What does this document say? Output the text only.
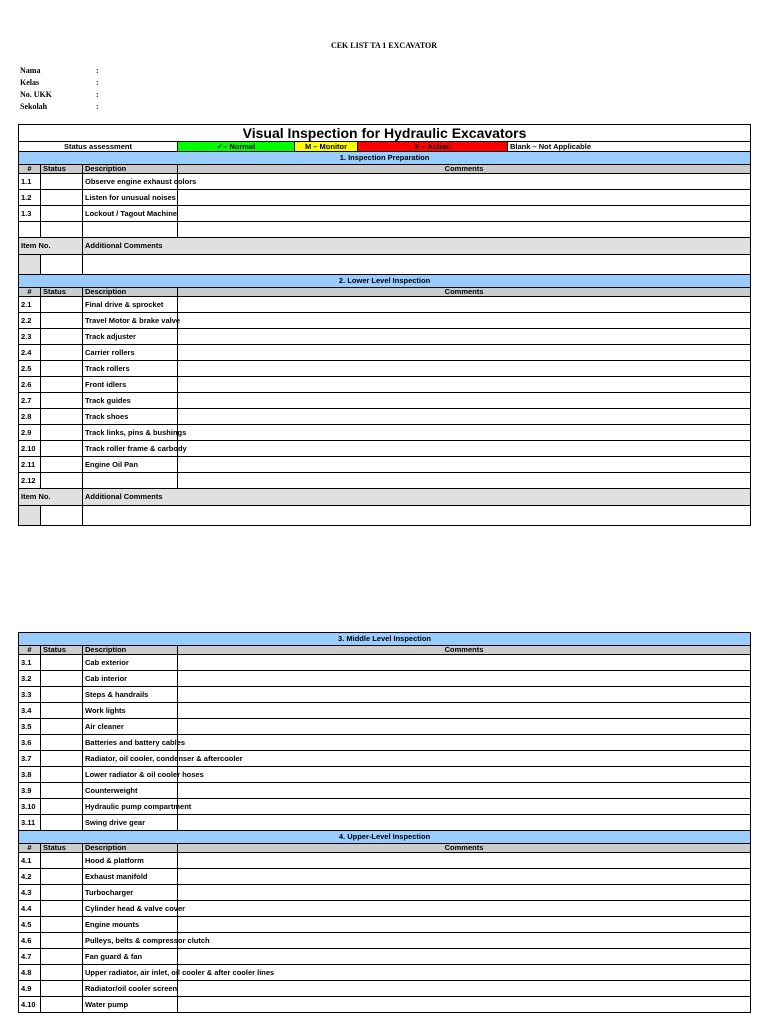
CEK LIST TA 1 EXCAVATOR
Nama	:
Kelas	:
No. UKK	:
Sekolah	:
Visual Inspection for Hydraulic Excavators						
Status assessment			✓– Normal	M – Monitor	X – Action	Blank – Not Applicable
1. Inspection Preparation						
#	Status	Description	Comments			
1.1		Observe engine exhaust colors				
1.2		Listen for unusual noises				
1.3		Lockout / Tagout Machine				

Item No.		Additional Comments				

2. Lower Level Inspection						
#	Status	Description	Comments			
2.1		Final drive & sprocket				
2.2		Travel Motor & brake valve				
2.3		Track adjuster				
2.4		Carrier rollers				
2.5		Track rollers				
2.6		Front idlers				
2.7		Track guides				
2.8		Track shoes				
2.9		Track links, pins & bushings				
2.10		Track roller frame & carbody				
2.11		Engine Oil Pan				
2.12						
Item No.		Additional Comments				

3. Middle Level Inspection			
#	Status	Description	Comments
3.1		Cab exterior	
3.2		Cab interior	
3.3		Steps & handrails	
3.4		Work lights	
3.5		Air cleaner	
3.6		Batteries and battery cables	
3.7		Radiator, oil cooler, condenser & aftercooler	
3.8		Lower radiator & oil cooler hoses	
3.9		Counterweight	
3.10		Hydraulic pump compartment	
3.11		Swing drive gear	
4. Upper-Level Inspection			
#	Status	Description	Comments
4.1		Hood & platform	
4.2		Exhaust manifold	
4.3		Turbocharger	
4.4		Cylinder head & valve cover	
4.5		Engine mounts	
4.6		Pulleys, belts & compressor clutch	
4.7		Fan guard & fan	
4.8		Upper radiator, air inlet, oil cooler & after cooler lines	
4.9		Radiator/oil cooler screen	
4.10		Water pump	
